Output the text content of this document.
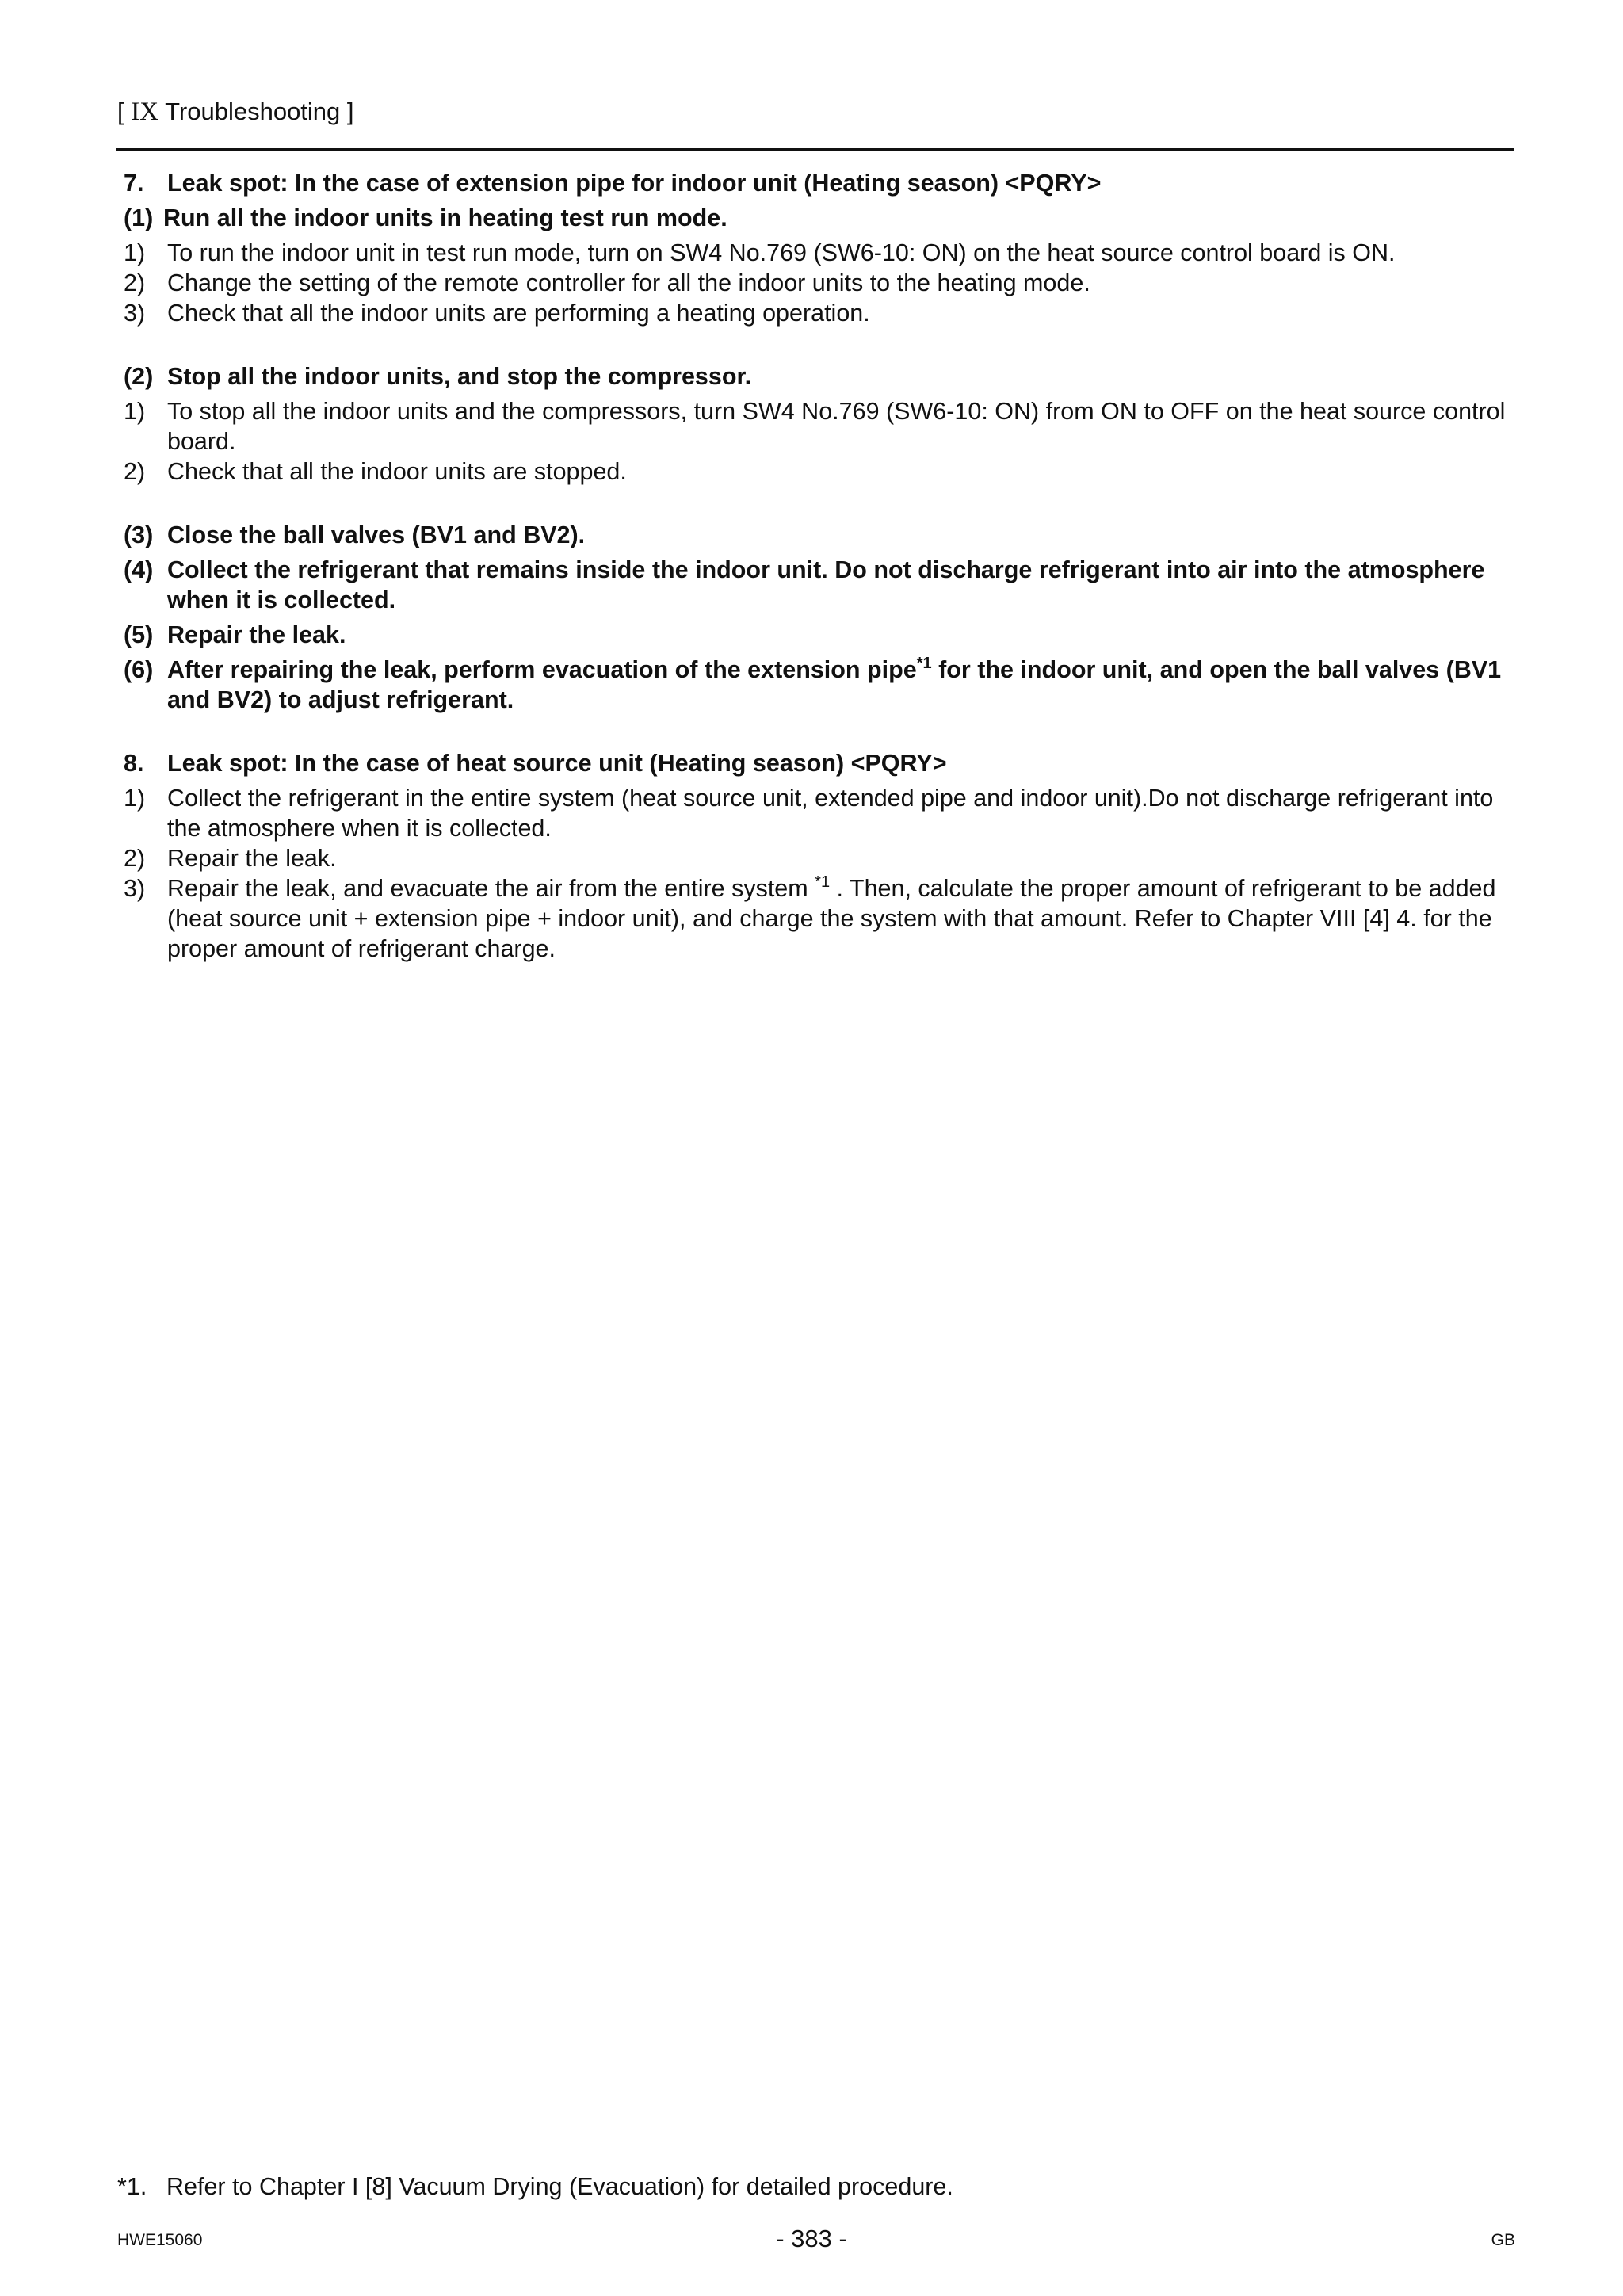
[ IX Troubleshooting ]
7. Leak spot: In the case of extension pipe for indoor unit (Heating season) <PQRY>
(1) Run all the indoor units in heating test run mode.
1) To run the indoor unit in test run mode, turn on SW4 No.769 (SW6-10: ON) on the heat source control board is ON.
2) Change the setting of the remote controller for all the indoor units to the heating mode.
3) Check that all the indoor units are performing a heating operation.
(2) Stop all the indoor units, and stop the compressor.
1) To stop all the indoor units and the compressors, turn SW4 No.769 (SW6-10: ON) from ON to OFF on the heat source control board.
2) Check that all the indoor units are stopped.
(3) Close the ball valves (BV1 and BV2).
(4) Collect the refrigerant that remains inside the indoor unit. Do not discharge refrigerant into air into the atmosphere when it is collected.
(5) Repair the leak.
(6) After repairing the leak, perform evacuation of the extension pipe$^{*1}$ for the indoor unit, and open the ball valves (BV1 and BV2) to adjust refrigerant.
8. Leak spot: In the case of heat source unit (Heating season) <PQRY>
1) Collect the refrigerant in the entire system (heat source unit, extended pipe and indoor unit).Do not discharge refrigerant into the atmosphere when it is collected.
2) Repair the leak.
3) Repair the leak, and evacuate the air from the entire system $^{*1}$ . Then, calculate the proper amount of refrigerant to be added (heat source unit + extension pipe + indoor unit), and charge the system with that amount. Refer to Chapter VIII [4] 4. for the proper amount of refrigerant charge.
*1. Refer to Chapter I [8] Vacuum Drying (Evacuation) for detailed procedure.
HWE15060	- 383 -	GB
